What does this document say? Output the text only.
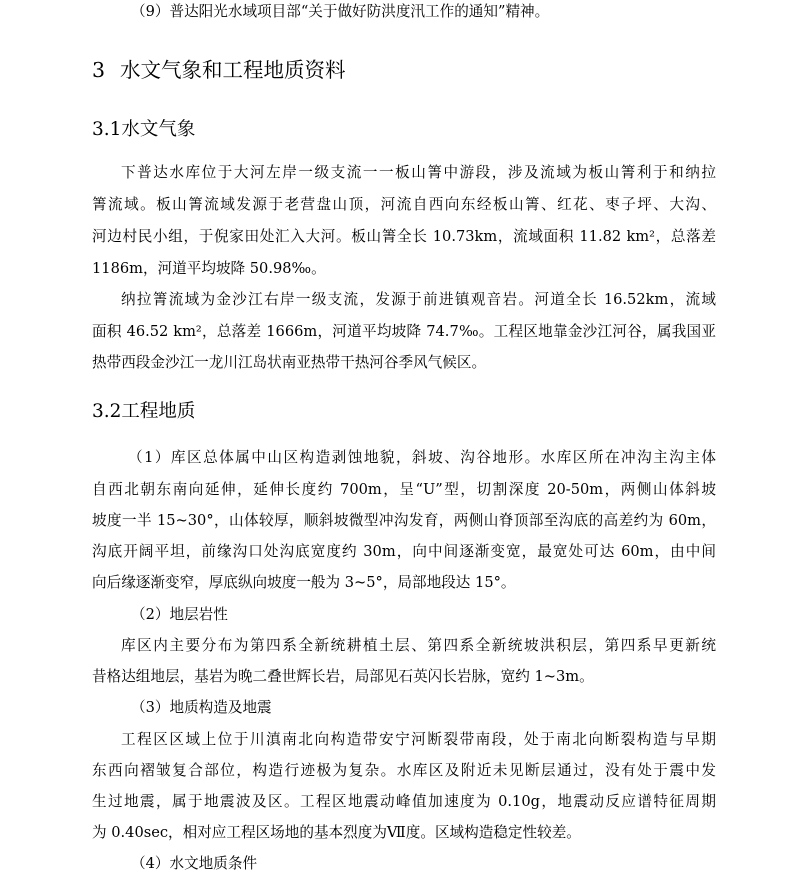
（9）普达阳光水域项目部“关于做好防洪度汛工作的通知”精神。
3 水文气象和工程地质资料
3.1水文气象
下普达水库位于大河左岸一级支流一一板山箐中游段，涉及流域为板山箐利于和纳拉
箐流域。板山箐流域发源于老营盘山顶，河流自西向东经板山箐、红花、枣子坪、大沟、
河边村民小组，于倪家田处汇入大河。板山箐全长 10.73km，流域面积 11.82 km²，总落差
1186m，河道平均坡降 50.98‰。
纳拉箐流域为金沙江右岸一级支流，发源于前进镇观音岩。河道全长 16.52km，流域
面积 46.52 km²，总落差 1666m，河道平均坡降 74.7‰。工程区地靠金沙江河谷，属我国亚
热带西段金沙江一龙川江岛状南亚热带干热河谷季风气候区。
3.2工程地质
（1）库区总体属中山区构造剥蚀地貌，斜坡、沟谷地形。水库区所在冲沟主沟主体
自西北朝东南向延伸，延伸长度约 700m，呈“U”型，切割深度 20-50m，两侧山体斜坡
坡度一半 15~30°，山体较厚，顺斜坡微型冲沟发育，两侧山脊顶部至沟底的高差约为 60m，
沟底开阔平坦，前缘沟口处沟底宽度约 30m，向中间逐渐变宽，最宽处可达 60m，由中间
向后缘逐渐变窄，厚底纵向坡度一般为 3~5°，局部地段达 15°。
（2）地层岩性
库区内主要分布为第四系全新统耕植土层、第四系全新统坡洪积层，第四系早更新统
昔格达组地层，基岩为晚二叠世辉长岩，局部见石英闪长岩脉，宽约 1~3m。
（3）地质构造及地震
工程区区域上位于川滇南北向构造带安宁河断裂带南段，处于南北向断裂构造与早期
东西向褶皱复合部位，构造行迹极为复杂。水库区及附近未见断层通过，没有处于震中发
生过地震，属于地震波及区。工程区地震动峰值加速度为 0.10g，地震动反应谱特征周期
为 0.40sec，相对应工程区场地的基本烈度为Ⅶ度。区域构造稳定性较差。
（4）水文地质条件
